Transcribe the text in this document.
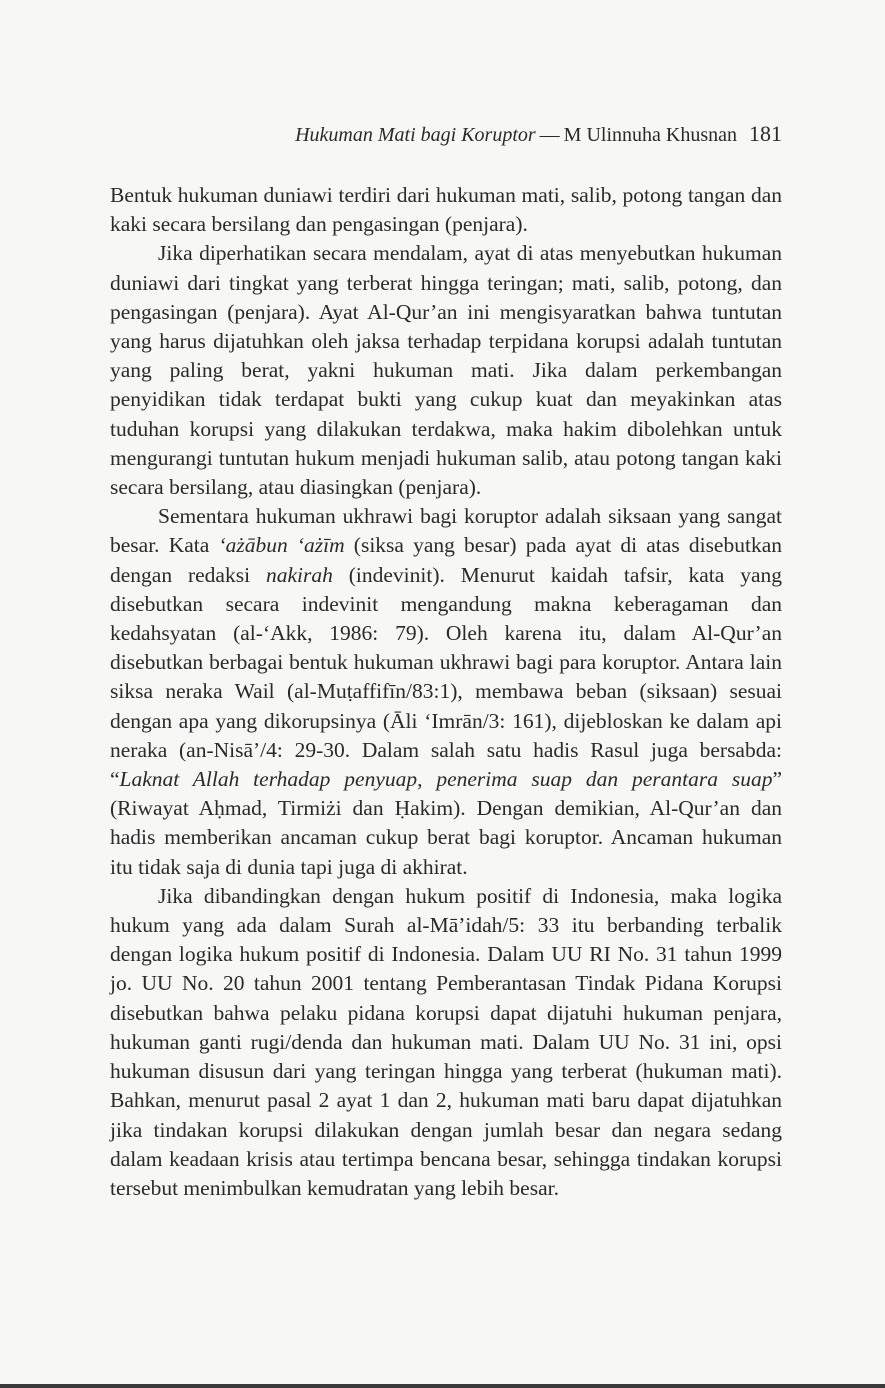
Hukuman Mati bagi Koruptor — M Ulinnuha Khusnan 181

Bentuk hukuman duniawi terdiri dari hukuman mati, salib, potong tangan dan kaki secara bersilang dan pengasingan (penjara).

Jika diperhatikan secara mendalam, ayat di atas menyebutkan hukuman duniawi dari tingkat yang terberat hingga teringan; mati, salib, potong, dan pengasingan (penjara). Ayat Al-Qur’an ini mengisyaratkan bahwa tuntutan yang harus dijatuhkan oleh jaksa terhadap terpidana korupsi adalah tuntutan yang paling berat, yakni hukuman mati. Jika dalam perkembangan penyidikan tidak terdapat bukti yang cukup kuat dan meyakinkan atas tuduhan korupsi yang dilakukan terdakwa, maka hakim dibolehkan untuk mengurangi tuntutan hukum menjadi hukuman salib, atau potong tangan kaki secara bersilang, atau diasingkan (penjara).

Sementara hukuman ukhrawi bagi koruptor adalah siksaan yang sangat besar. Kata ‘ażābun ‘ażīm (siksa yang besar) pada ayat di atas disebutkan dengan redaksi nakirah (indevinit). Menurut kaidah tafsir, kata yang disebutkan secara indevinit mengandung makna keberagaman dan kedahsyatan (al-‘Akk, 1986: 79). Oleh karena itu, dalam Al-Qur’an disebutkan berbagai bentuk hukuman ukhrawi bagi para koruptor. Antara lain siksa neraka Wail (al-Muṭaffifīn/83:1), membawa beban (siksaan) sesuai dengan apa yang dikorupsinya (Āli ‘Imrān/3: 161), dijebloskan ke dalam api neraka (an-Nisā’/4: 29-30. Dalam salah satu hadis Rasul juga bersabda: “Laknat Allah terhadap penyuap, penerima suap dan perantara suap” (Riwayat Aḥmad, Tirmiżi dan Ḥakim). Dengan demikian, Al-Qur’an dan hadis memberikan ancaman cukup berat bagi koruptor. Ancaman hukuman itu tidak saja di dunia tapi juga di akhirat.

Jika dibandingkan dengan hukum positif di Indonesia, maka logika hukum yang ada dalam Surah al-Mā’idah/5: 33 itu berbanding terbalik dengan logika hukum positif di Indonesia. Dalam UU RI No. 31 tahun 1999 jo. UU No. 20 tahun 2001 tentang Pemberantasan Tindak Pidana Korupsi disebutkan bahwa pelaku pidana korupsi dapat dijatuhi hukuman penjara, hukuman ganti rugi/denda dan hukuman mati. Dalam UU No. 31 ini, opsi hukuman disusun dari yang teringan hingga yang terberat (hukuman mati). Bahkan, menurut pasal 2 ayat 1 dan 2, hukuman mati baru dapat dijatuhkan jika tindakan korupsi dilakukan dengan jumlah besar dan negara sedang dalam keadaan krisis atau tertimpa bencana besar, sehingga tindakan korupsi tersebut menimbulkan kemudratan yang lebih besar.
